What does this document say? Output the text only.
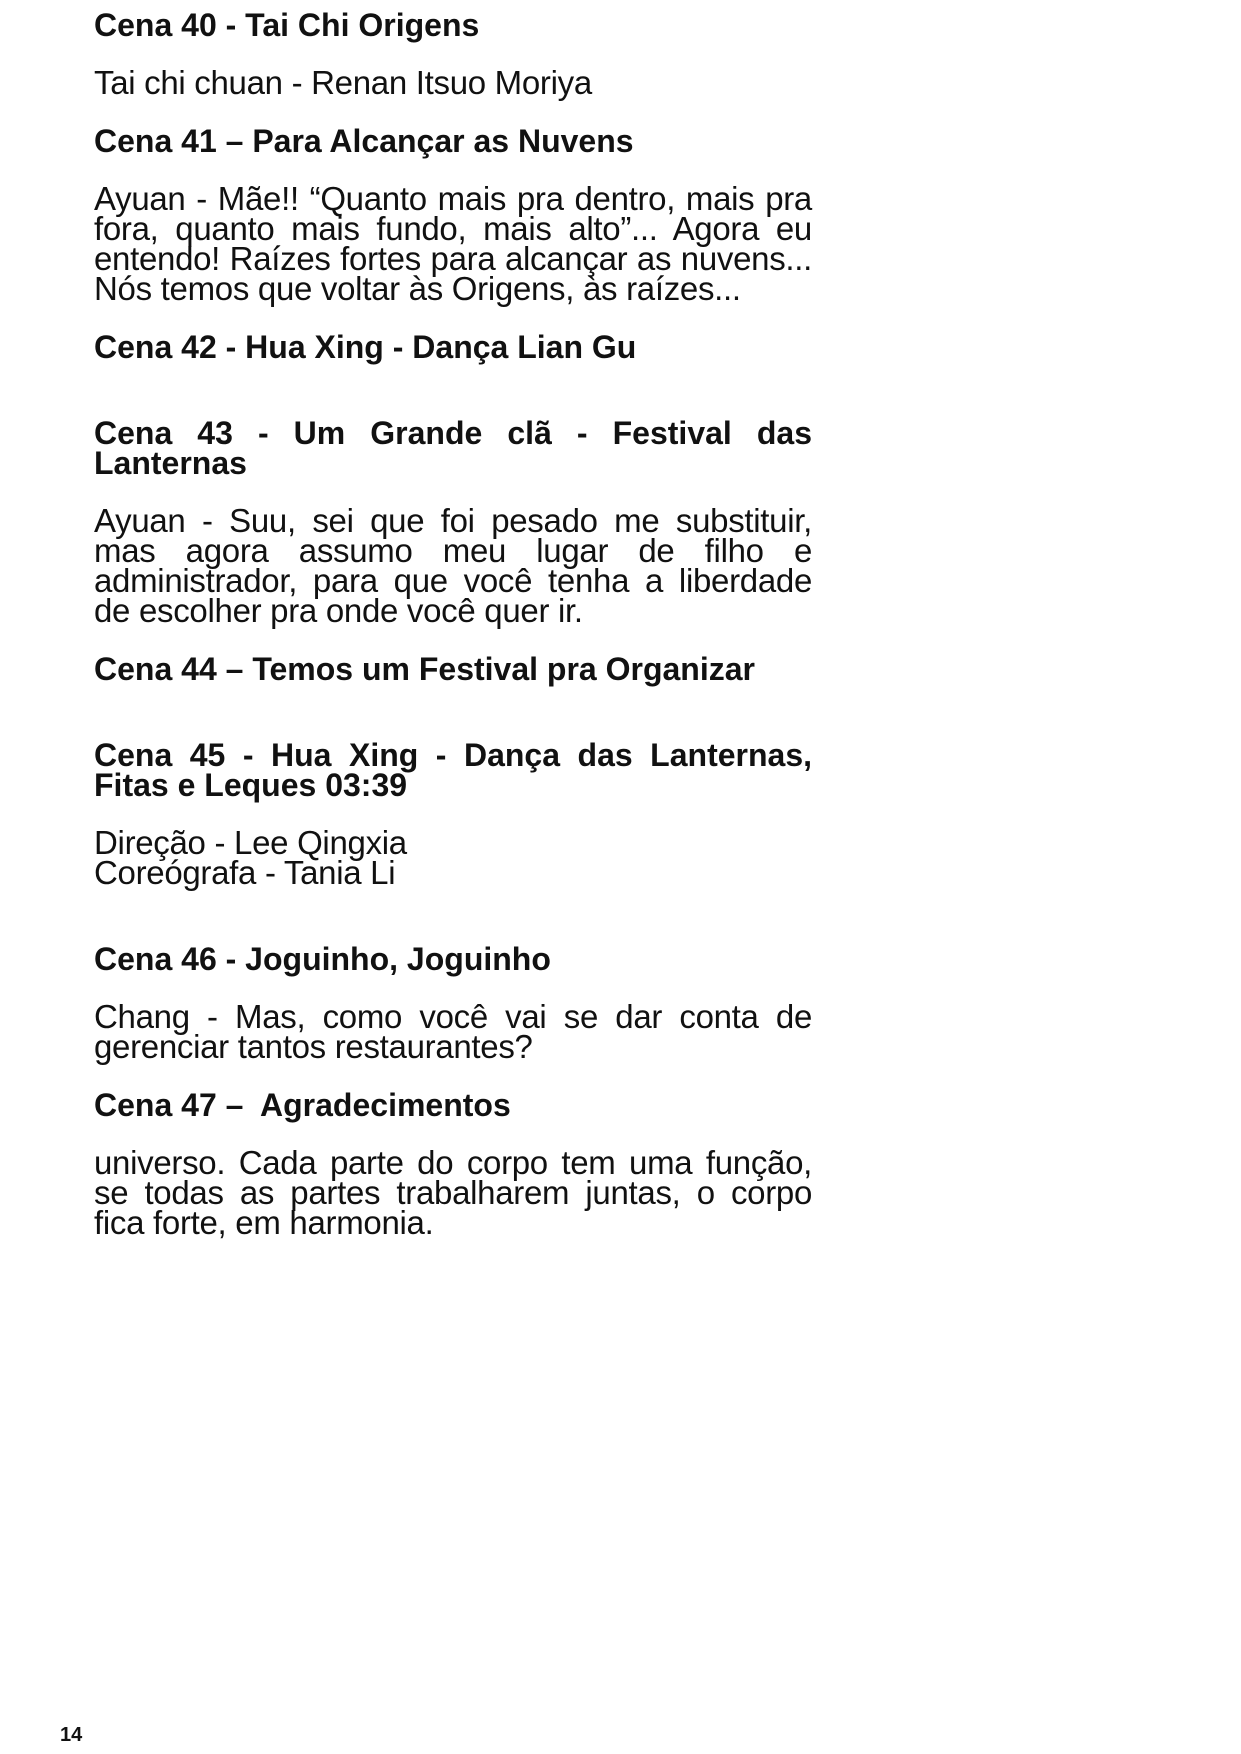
Cena 40 - Tai Chi Origens

Tai chi chuan - Renan Itsuo Moriya

Cena 41 – Para Alcançar as Nuvens

Ayuan - Mãe!! “Quanto mais pra dentro, mais pra fora, quanto mais fundo, mais alto”... Agora eu entendo! Raízes fortes para alcançar as nuvens... Nós temos que voltar às Origens, às raízes...

Cena 42 - Hua Xing - Dança Lian Gu
Cena 43 - Um Grande clã - Festival das Lanternas

Ayuan - Suu, sei que foi pesado me substituir, mas agora assumo meu lugar de filho e administrador, para que você tenha a liberdade de escolher pra onde você quer ir.

Cena 44 – Temos um Festival pra Organizar
Cena 45 - Hua Xing - Dança das Lanternas, Fitas e Leques 03:39

Direção - Lee Qingxia

Coreógrafa - Tania Li

Cena 46 - Joguinho, Joguinho

Chang - Mas, como você vai se dar conta de gerenciar tantos restaurantes?

Cena 47 –  Agradecimentos

universo. Cada parte do corpo tem uma função, se todas as partes trabalharem juntas, o corpo fica forte, em harmonia.

14
